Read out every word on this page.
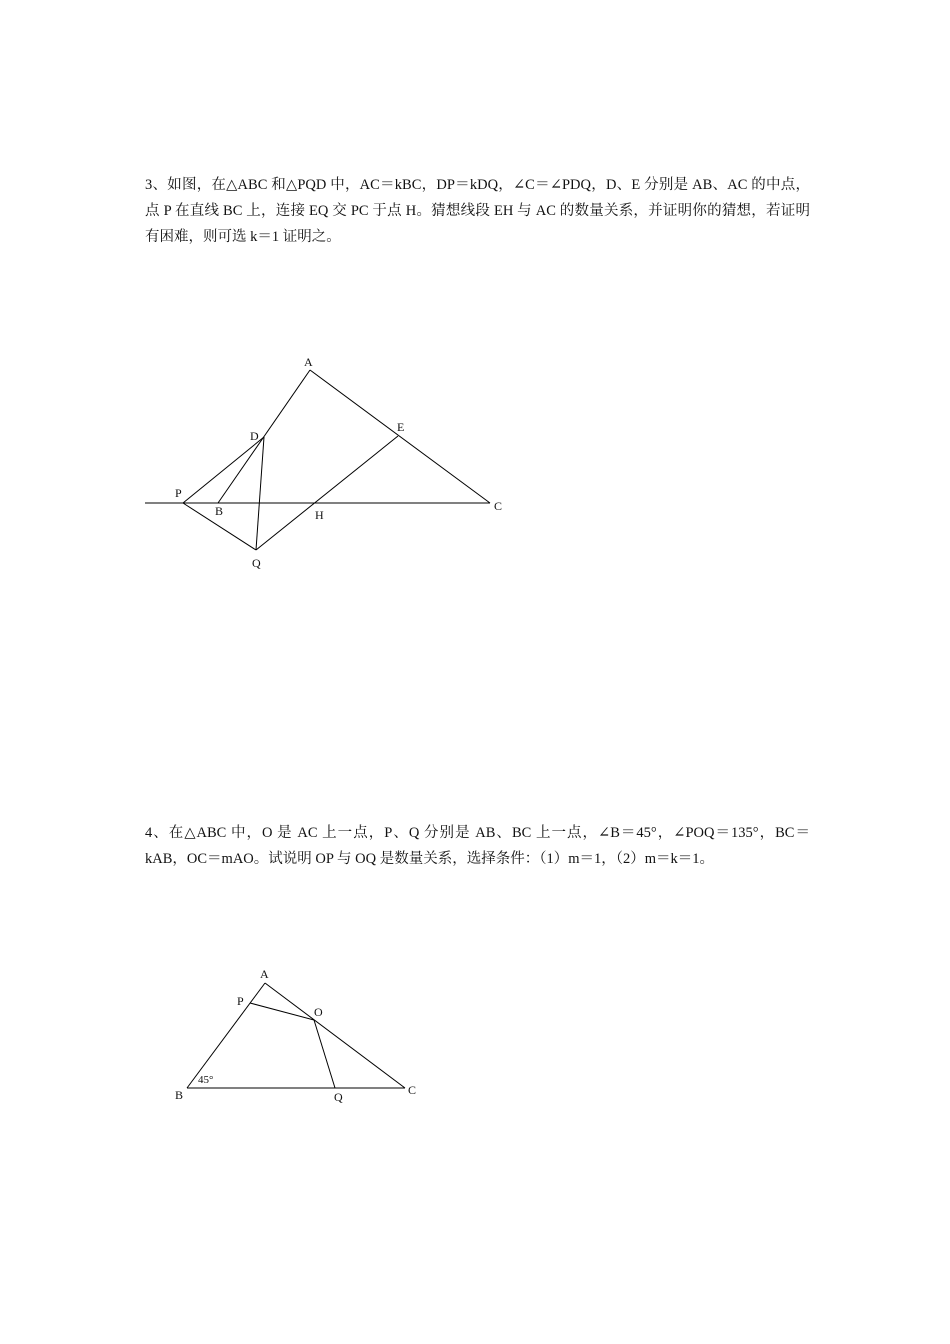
3、如图，在△ABC 和△PQD 中，AC＝kBC，DP＝kDQ，∠C＝∠PDQ，D、E 分别是 AB、AC 的中点，点 P 在直线 BC 上，连接 EQ 交 PC 于点 H。猜想线段 EH 与 AC 的数量关系，并证明你的猜想，若证明有困难，则可选 k＝1 证明之。

A
D
E
P
B	H
C
Q
A
P
O
B	Q	C
45°

4、在△ABC 中，O 是 AC 上一点，P、Q 分别是 AB、BC 上一点，∠B＝45°，∠POQ＝135°，BC＝kAB，OC＝mAO。试说明 OP 与 OQ 是数量关系，选择条件：（1）m＝1，（2）m＝k＝1。
